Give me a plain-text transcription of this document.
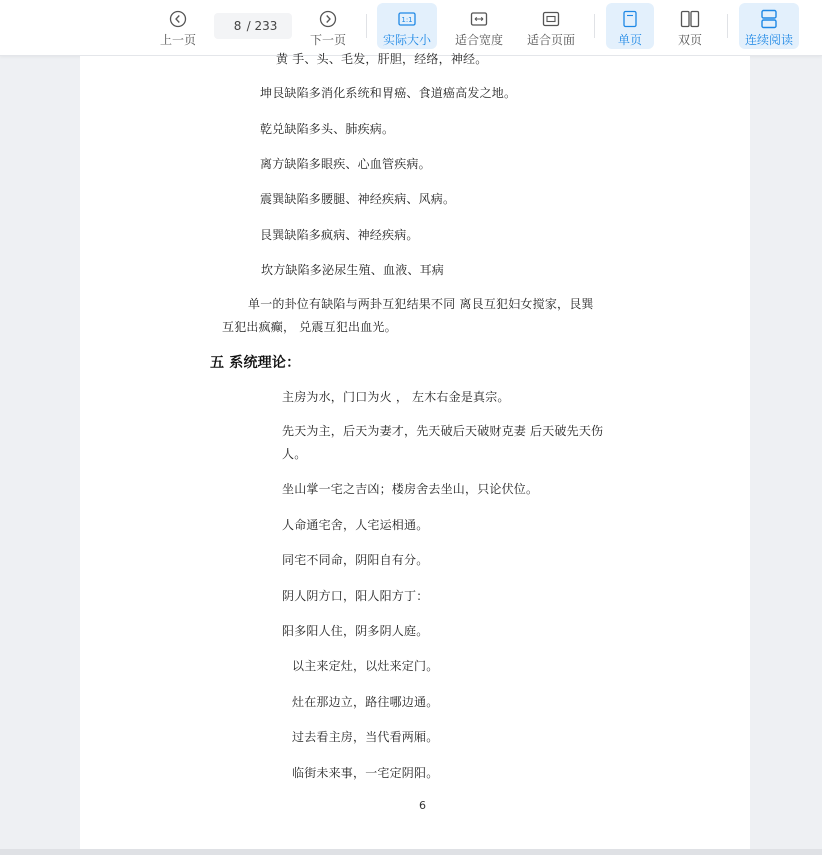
上一页
8
/ 233
下一页
1:1
实际大小 适合宽度 适合页面	单页	双页	连续阅读
黄 手、头、毛发，肝胆，经络，神经。
坤艮缺陷多消化系统和胃癌、食道癌高发之地。
乾兑缺陷多头、肺疾病。
离方缺陷多眼疾、心血管疾病。
震巽缺陷多腰腿、神经疾病、风病。
艮巽缺陷多疯病、神经疾病。
坎方缺陷多泌尿生殖、血液、耳病
单一的卦位有缺陷与两卦互犯结果不同 离艮互犯妇女搅家，艮巽
互犯出疯癫， 兑震互犯出血光。
五 系统理论：
主房为水，门口为火 ， 左木右金是真宗。
先天为主，后天为妻才，先天破后天破财克妻 后天破先天伤
人。
坐山掌一宅之吉凶；楼房舍去坐山，只论伏位。
人命通宅舍，人宅运相通。
同宅不同命，阴阳自有分。
阴人阴方口，阳人阳方丁：
阳多阳人住，阴多阴人庭。
以主来定灶，以灶来定门。
灶在那边立，路往哪边通。
过去看主房，当代看两厢。
临街未来事，一宅定阴阳。
6
